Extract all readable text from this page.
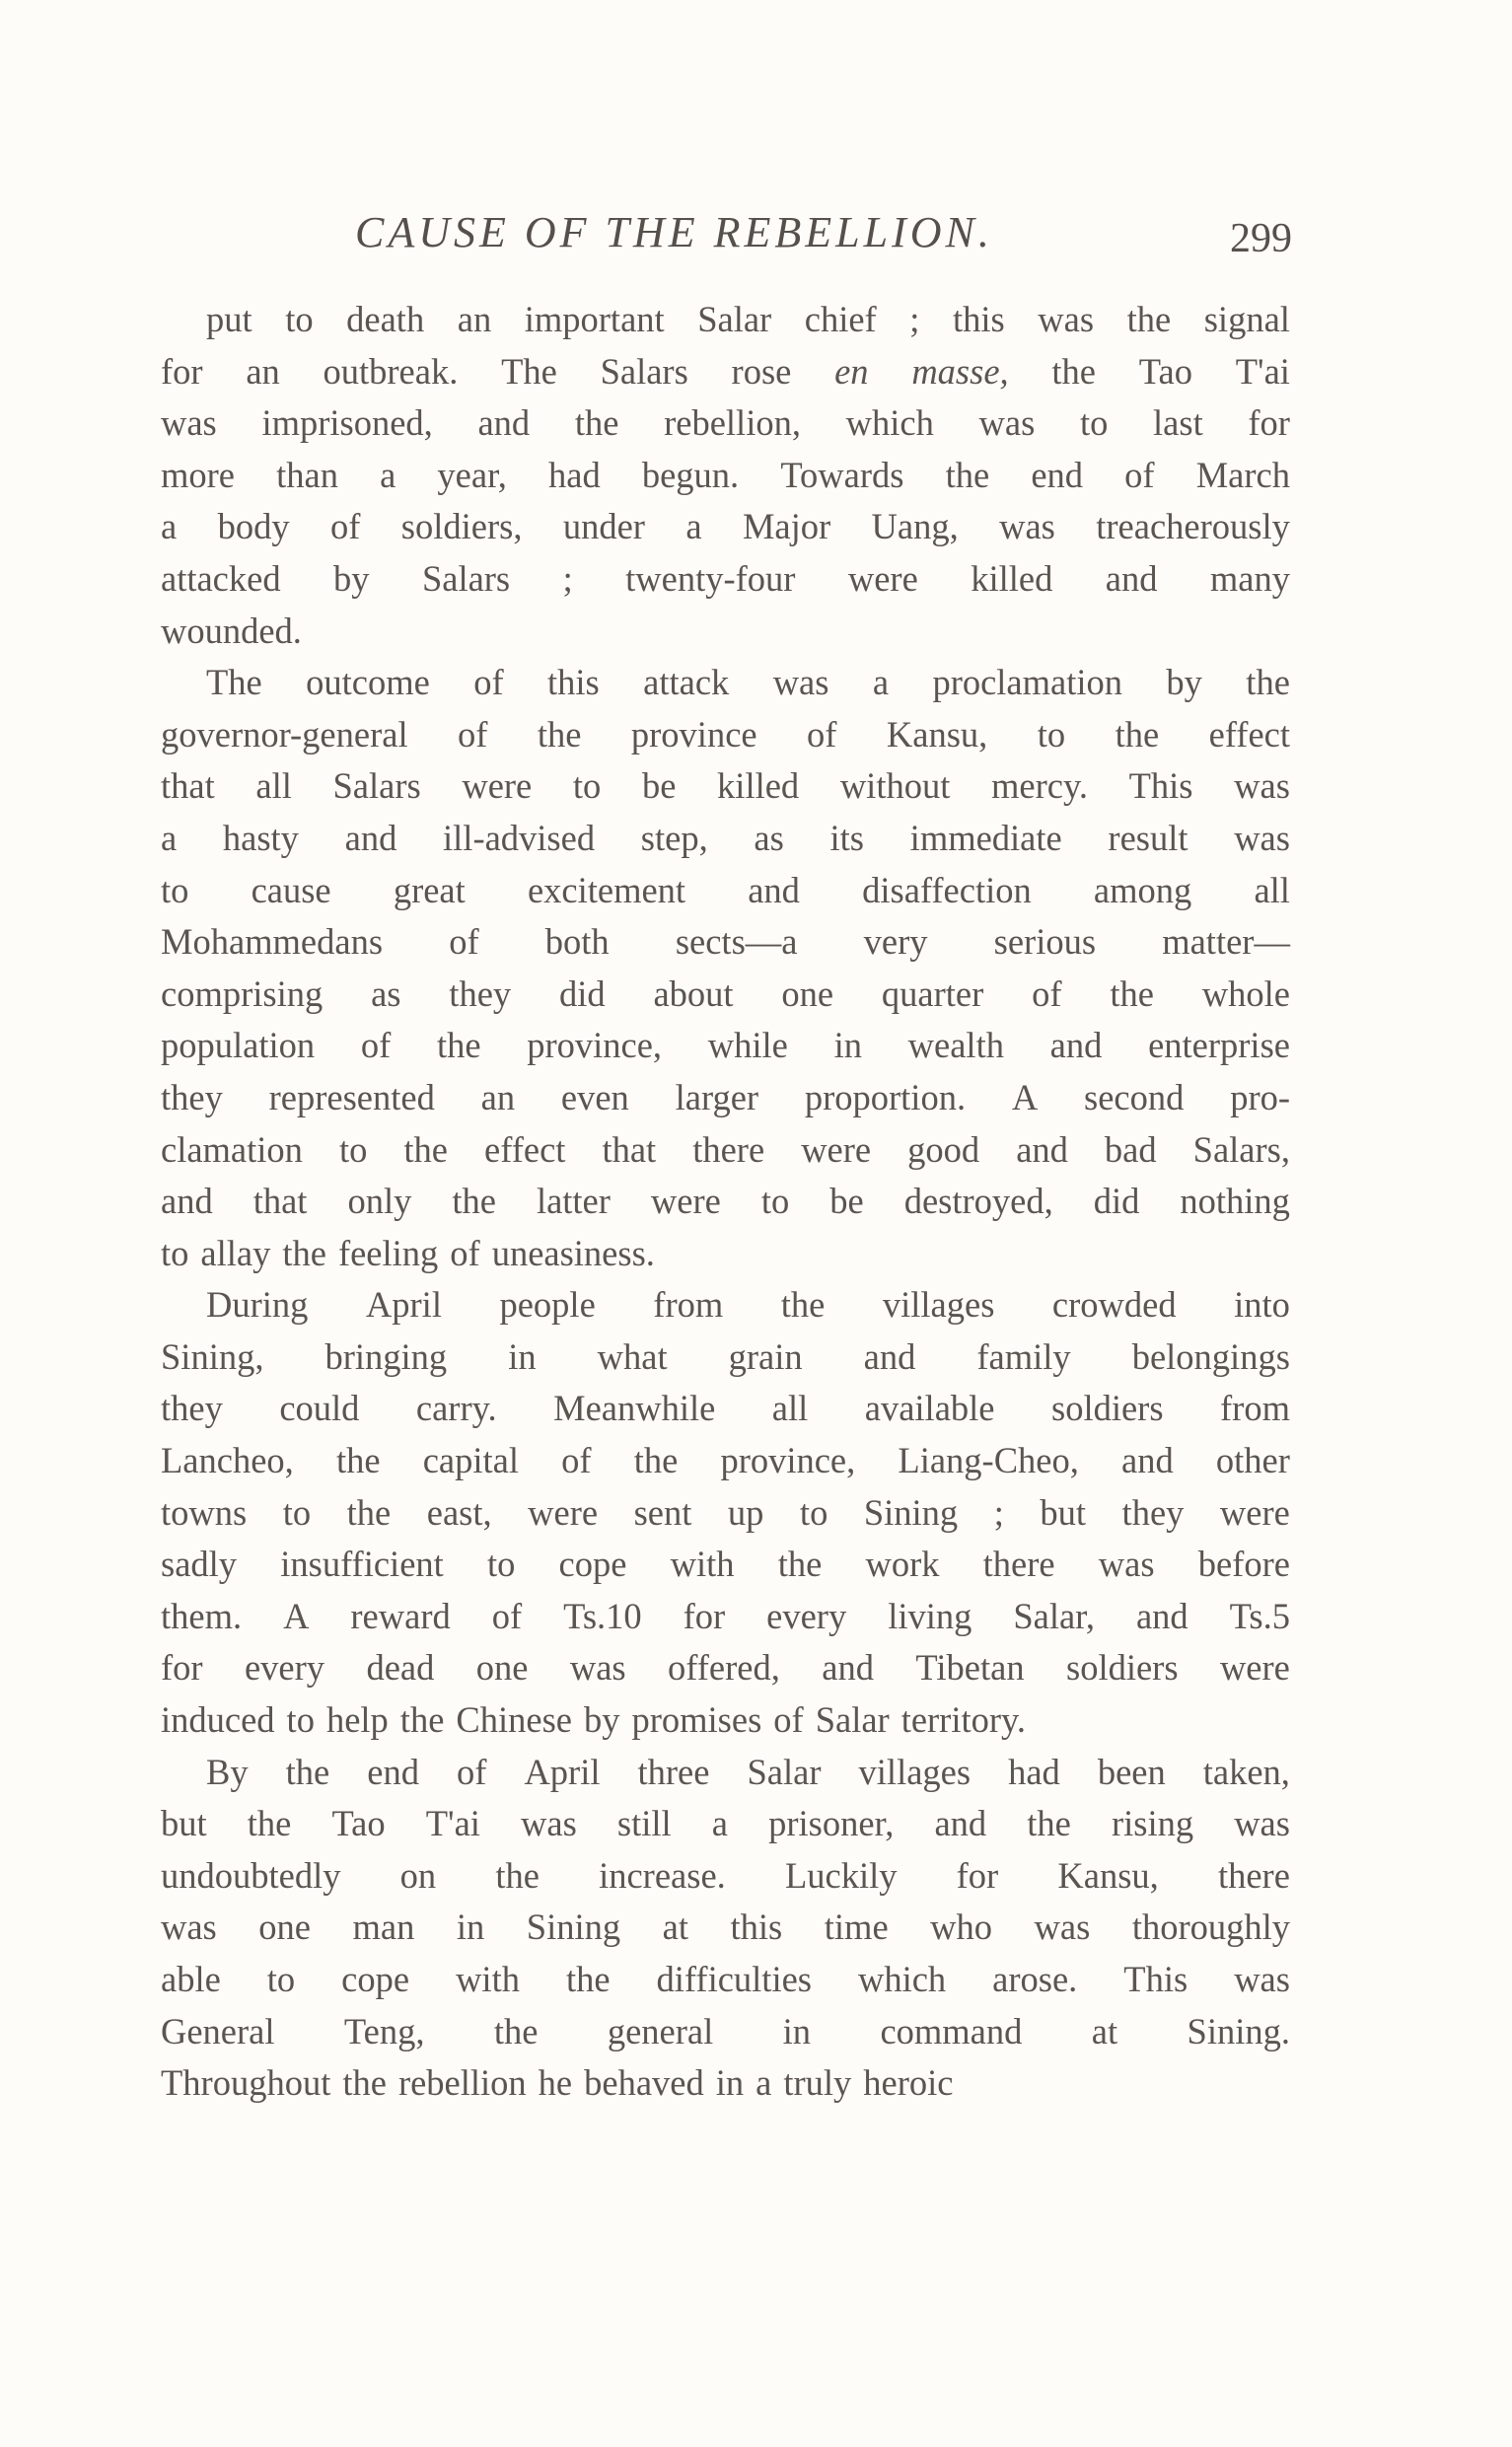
CAUSE OF THE REBELLION.	299
put to death an important Salar chief ; this was the signal
for an outbreak. The Salars rose en masse, the Tao T'ai
was imprisoned, and the rebellion, which was to last for
more than a year, had begun. Towards the end of March
a body of soldiers, under a Major Uang, was treacherously
attacked by Salars ; twenty-four were killed and many
wounded.
The outcome of this attack was a proclamation by the
governor-general of the province of Kansu, to the effect
that all Salars were to be killed without mercy. This was
a hasty and ill-advised step, as its immediate result was
to cause great excitement and disaffection among all
Mohammedans of both sects—a very serious matter—
comprising as they did about one quarter of the whole
population of the province, while in wealth and enterprise
they represented an even larger proportion. A second pro-
clamation to the effect that there were good and bad Salars,
and that only the latter were to be destroyed, did nothing
to allay the feeling of uneasiness.
During April people from the villages crowded into
Sining, bringing in what grain and family belongings
they could carry. Meanwhile all available soldiers from
Lancheo, the capital of the province, Liang-Cheo, and other
towns to the east, were sent up to Sining ; but they were
sadly insufficient to cope with the work there was before
them. A reward of Ts.10 for every living Salar, and Ts.5
for every dead one was offered, and Tibetan soldiers were
induced to help the Chinese by promises of Salar territory.
By the end of April three Salar villages had been taken,
but the Tao T'ai was still a prisoner, and the rising was
undoubtedly on the increase. Luckily for Kansu, there
was one man in Sining at this time who was thoroughly
able to cope with the difficulties which arose. This was
General Teng, the general in command at Sining.
Throughout the rebellion he behaved in a truly heroic
